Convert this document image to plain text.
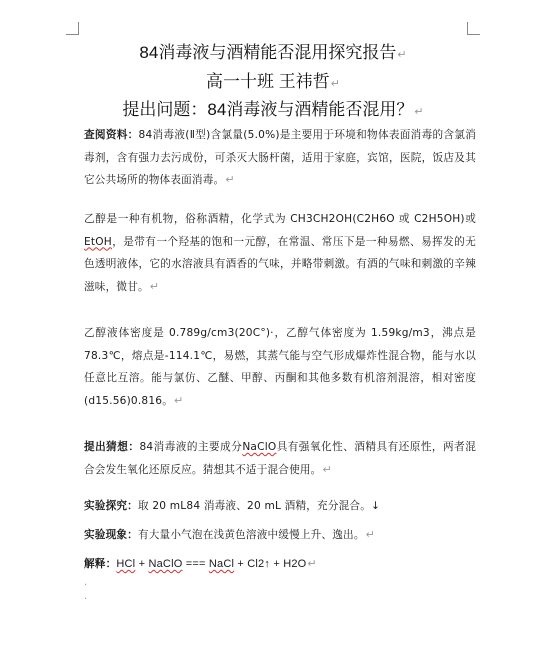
84消毒液与酒精能否混用探究报告↵
高一十班 王祎哲↵
提出问题：84消毒液与酒精能否混用？↵
查阅资料：84消毒液(Ⅱ型)含氯量(5.0%)是主要用于环境和物体表面消毒的含氯消毒剂，含有强力去污成份，可杀灭大肠杆菌，适用于家庭，宾馆，医院，饭店及其它公共场所的物体表面消毒。↵
乙醇是一种有机物，俗称酒精，化学式为 CH3CH2OH(C2H6O 或 C2H5OH)或EtOH，是带有一个羟基的饱和一元醇，在常温、常压下是一种易燃、易挥发的无色透明液体，它的水溶液具有酒香的气味，并略带刺激。有酒的气味和刺激的辛辣滋味，微甘。↵
乙醇液体密度是 0.789g/cm3(20C°)·，乙醇气体密度为 1.59kg/m3，沸点是 78.3℃，熔点是-114.1℃，易燃，其蒸气能与空气形成爆炸性混合物，能与水以任意比互溶。能与氯仿、乙醚、甲醇、丙酮和其他多数有机溶剂混溶，相对密度(d15.56)0.816。↵
提出猜想：84消毒液的主要成分NaClO具有强氧化性、酒精具有还原性，两者混合会发生氧化还原反应。猜想其不适于混合使用。↵
实验探究：取 20 mL84 消毒液、20 mL 酒精，充分混合。↓
实验现象：有大量小气泡在浅黄色溶液中缓慢上升、逸出。↵
解释：HCl + NaClO === NaCl + Cl2↑ + H2O↵
·
·
